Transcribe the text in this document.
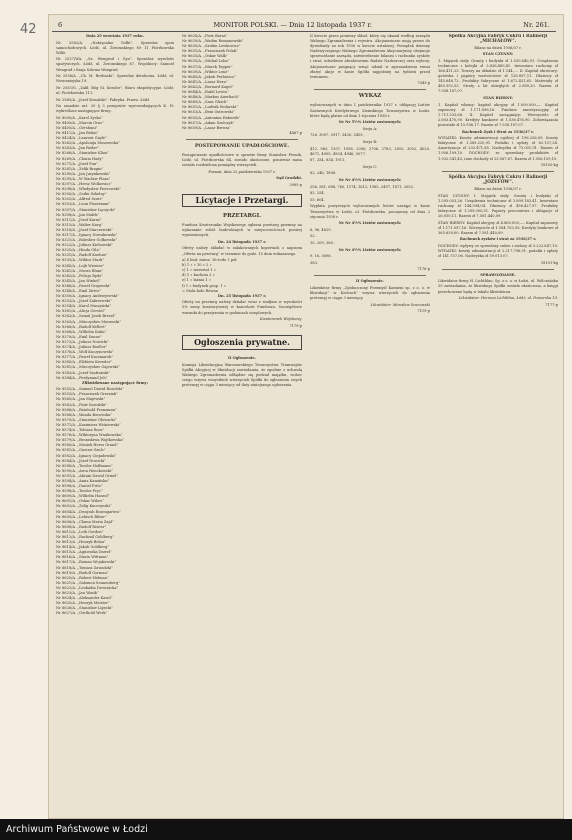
42	6	MONITOR POLSKI. — Dnia 12 listopada 1937 r.	Nr. 261.

Dnia 25 września 1937 roku.

Nr. 2582/A. „Nakręcalne Gołbi”. Sprzedaż opon samochodowych. Łódź, ul. Żeromskiego Nr 11 Piotrkowska Wille.

Nr 2527/WA. „Sz. Wengrud i Syn”. Sprzedaż wyrobów spożywczych. Łódź, ul. Żeromskiego 67. Wspólnicy: Samuel Wengrud i Szaja Szlema Wengrud.

Nr 2536/A. „Ch. M. Berlinski”. Sprzedaż detaliczna. Łódź, ul. Nowomiejska 19.

Nr 2553/G. „Zakł. Bóg Gi. Kessler”. Biuro ekspedycyjne. Łódź, ul. Piotrkowska 111.

Nr 2565/A. „Józef Kowalski”. Fabryka. Prawo. Łódź.

Na zasadzie art. 20 § 3 przepisów wprowadzających K. H. wykreślone następujące firmy:

Nr 8000/A. „Karol Zyska”
Nr 8400/A. „Marcin Gras”
Nr 8405/A. „Gershuni”
Nr 8411/A. „Jan Belim”
Nr 8424/A. „Laurent Gayle”
Nr 8262/A. „Apolonija Moszewska”
Nr 8263/A. „Jan Reder”
Nr 8266/A. „Stanisław Kliza”
Nr 8269/A. „Chaim Hady”
Nr 8271/A. „Józef Fux”
Nr 8281/A. „Zelik Bragin”
Nr 8290/A. „Jan Jurynkowski”
Nr 8295/A. „W Wacław Plaza”
Nr 8297/A. „Hersz Wolkowicz”
Nr 8298/A. „Władysław Piotrowski”
Nr 8300/A. „Sedin Szkolny”
Nr 8302/A. „Alfred Szutr”
Nr 8303/A. „Leon Fiszerman”
Nr 8307/A. „Stanisław Łęczycki”
Nr 8308/A. „Jan Małek”
Nr 8311/A. „Józef Karaś”
Nr 8315/A. „Walter Karg”
Nr 8316/A. „Józef Marczewski”
Nr 8317/A. „Ignacy Nowakowski”
Nr 8321/A. „Bolesław Gołkowski”
Nr 8322/A. „Juliusz Kiebowski”
Nr 8325/A. „Hinda Gila”
Nr 8331/A. „Rudolf Kuehne”
Nr 8335/A. „Wiktor Stark”
Nr 8340/A. „Lejb Wienter”
Nr 8341/A. „Moses Blum”
Nr 8342/A. „Felicja Rydz”
Nr 8345/A. „Jan Winkel”
Nr 8346/A. „Paweł Grajewski”
Nr 8348/A. „Emil Zirter”
Nr 8350/A. „Ignacy Andrzejewski”
Nr 8353/A. „Józef Zakrzewski”
Nr 8354/A. „Karol Muszyński”
Nr 8361/A. „Alicja Gerstel”
Nr 8362/A. „Szmul Josek Bresel”
Nr 8363/A. „Mieczysław Morawski”
Nr 8366/A. „Rudolf Kellert”
Nr 8368/A. „Wilhelm Kuhn”
Nr 8370/A. „Emil Senne”
Nr 8372/A. „Juliusz Nowicki”
Nr 8374/A. „Juliusz Boeller”
Nr 8376/A. „Wolf Kuczynowski”
Nr 8377/A. „Paweł Kaczmarek”
Nr 8380/A. „Elżbieta Kressler”
Nr 8381/A. „Mieczysław Gajewski”
Nr 8382/A. „Jozef Szafranski”
Nr 8384/A. „Ferdynand Jeh”

Zlikwidowane następujące firmy:

Nr 8551/A. „Samuel Dawid Rozolski”
Nr 8553/A. „Franciszek Grzesiak”
Nr 8560/A. „Jan Majewski”
Nr 8562/A. „Piotr Kowalski”
Nr 8566/A. „Reinhold Franzman”
Nr 8568/A. „Wanda Borowska”
Nr 8570/A. „Stanisław Głowacki”
Nr 8571/A. „Kazimierz Wiśniewski”
Nr 8574/A. „Tobiasz Russ”
Nr 8576/A. „Wiktoryna Wnukowska”
Nr 8579/A. „Bronisława Wojtkowska”
Nr 8580/A. „Mosiek Hersz Grand”
Nr 8581/A. „Gustaw Szulc”
Nr 8582/A. „Ignacy Ciepałowski”
Nr 8584/A. „Józef Nowicki”
Nr 8588/A. „Teodor Hoffmann”
Nr 8590/A. „Aron Henckowski”
Nr 8591/A. „Abram Dawid Grinel”
Nr 8594/A. „Anna Kamińska”
Nr 8596/A. „Daniel Fritz”
Nr 8598/A. „Teodor Fryc”
Nr 8600/A. „Wilhelm Hansel”
Nr 8601/A. „Oskar Wilow”
Nr 8602/A. „Zelig Kucerynski”
Nr 8604/A. „Dwojrah Rosengarten”
Nr 8605/A. „Lebisch Bilser”
Nr 8606/A. „Chana Maria Zajd”
Nr 8608/A. „Rudolf Reuter”
Nr 8611/A. „Leib Gordon”
Nr 8612/A. „Rachmil Goldberg”
Nr 8613/A. „Henryk Belau”
Nr 8614/A. „Jakob Goldberg”
Nr 8615/A. „Agnieszka Dawel”
Nr 8616/A. „Maria Wittman”
Nr 8617/A. „Roman Wojakowski”
Nr 8618/A. „Tomasz Zawadzki”
Nr 8619/A. „Rudolf Gorman”
Nr 8620/A. „Robert Helman”
Nr 8621/A. „Salomon Sonnenberg”
Nr 8622/A. „Leokadia Dwornicka”
Nr 8623/A. „Jan Wasik”
Nr 8624/A. „Aleksander Kasel”
Nr 8625/A. „Henryk Meister”
Nr 8626/A. „Stanisław Lipecki”
Nr 8627/A. „Gotthold Werk”
Nr 8628/A. „Piotr Baraś”
Nr 8629/A. „Wadim Romanowski”
Nr 8630/A. „Szulim Lewkowicz”
Nr 8631/A. „Franciszek Polak”
Nr 8633/A. „Oskar Walk”
Nr 8635/A. „Michał Loba”
Nr 8637/A. „Marek Tepper”
Nr 8639/A. „Wiktor Lenz”
Nr 8640/A. „Jakob Perlowicz”
Nr 8641/A. „Lazar Hern”
Nr 8642/A. „Bernard Kugel”
Nr 8644/A. „Rafal Lewin”
Nr 8646/A. „Markus Auerbach”
Nr 8649/A. „Sara Gleich”
Nr 8651/A. „Ludwik Stolarski”
Nr 8653/A. „Beni Ostrowski”
Nr 8655/A. „Antonina Haberek”
Nr 8657/A. „Adam Szulczyk”
Nr 8659/A. „Lazar Bereza”

4467-p

POSTEPOWANIE UPADŁOŚCIOWE.

Postępowanie upadłościowe w sprawie firmy Stanisław Piwnik, Łódź, ul. Piotrkowska 64, zostało ukończone, ponieważ masa została rozdzielona pomiędzy wierzycieli.

Poznań, dnia 22 października 1937 r.

Sąd Grodzki.

3985-p

Licytacje i Przetargi.

PRZETARGI.

Fundusz Kwaterunku Wojskowego ogłasza przetarg pisemny na wykonanie robót budowlanych w miejscowościach poniżej wymienionych.

Dn. 24 listopada 1937 r.

Oferty należy składać w zalakowanych kopertach z napisem „Oferta na przetarg” w terminie do godz. 10 dnia wskazanego.

a) 4 bud. miesz. 16-rodz. I poł.
b) 1 » » 10 » 2 »
c) 1 » warsztat 1 »
d) 1 » kuchnia 2 »
e) 1 » łaźnia 1 »
f) 1 » budynek gosp. 1 »
= Stoki koło Równa

Dn. 25 listopada 1937 r.

Oferty na przetarg należy składać wraz z wadjum w wysokości 5% sumy kosztorysowej w kancelarii Funduszu. Szczegółowe warunki do przejrzenia w godzinach urzędowych.

Kwaterunek Wojskowy.

7179-p

Ogłoszenia prywatne.

II Ogłoszenie.

Komisja Likwidacyjna Warszawskiego Towarzystwa Tramwajów Spółki Akcyjnej w likwidacji zawiadamia, że zgodnie z uchwałą Walnego Zgromadzenia odbędzie się podział majątku, wobec czego wzywa wszystkich wierzycieli Spółki do zgłoszenia swych pretensyj w ciągu 3 miesięcy od daty niniejszego ogłoszenia.

II kwocie przez poniższy skład, który się ukazał według zarządu Walnego Zgromadzenia i rejestru. Akcjonariusze mają prawo do dywidendy za rok 1936 w kwocie ustalonej. Porządek dzienny Nadzwyczajnego Walnego Zgromadzenia Akcjonarjuszy obejmuje sprawozdanie zarządu, zatwierdzenie bilansu i rachunku zysków i strat, udzielenie absolutorium Radzie Nadzorczej oraz wybory. Akcjonariusze pragnący wziąć udział w zgromadzeniu winni złożyć akcje w kasie Spółki najpóźniej na tydzień przed terminem.

7043-p

WYKAZ

wylosowanych w dniu 1 października 1937 r. obligacyj Listów Zastawnych Kredytowego Ziemskiego Towarzystwa w Łodzi, które będą płatne od dnia 1 stycznia 1938 r.

Nr Nr 5½% Listów zastawnych:

Serja A:

726, 3007, 3917, 3430, 3455.

Serja B:

412, 965, 1397, 1958, 2396, 2706, 2783, 2810, 3052, 4020, 4671, 4905, 4934, 4946, 5077.

87, 254, 834, 1911.

Serja C:

82, 246, 1808.

Nr Nr 4½% Listów zastawnych:

256, 581, 688, 760, 1174, 1612, 1985, 2497, 1871, 2052.

82, 254.

55, 604.

Wypłata powyższych wylosowanych listów nastąpi w kasie Towarzystwa w Łodzi, ul. Piotrkowska, począwszy od dnia 2 stycznia 1938 r.

Nr Nr 4½% Listów zastawnych:

6, 96, 4629.

52.

10, 209, 380.

Nr Nr 4½% Listów zastawnych:

9, 16, 3698.

383.

7176-p

II Ogłoszenie.

Likwidator firmy „Zjednoczony Przemysł Kamieni sp. z o. o. w likwidacji” w Kielcach” wzywa wierzycieli do zgłoszenia pretensyj w ciągu 3 miesięcy.

Likwidator: Mirosław Sosnowski

7119-p

Spółka Akcyjna Fabryk Cukru i Rafinerji „MICHAŁÓW”.

Bilans na dzień 1936/37 r.

STAN CZYNNY:

1. Majątek stały. Grunty i budynki zł 1.030.640,91. Urządzenia techniczne i kolejki zł 3.836.489,41. Inwentarz ruchomy zł 166.411,23. Towary na składzie zł 1.144,.... II. Kapitał obrotowy: gotówka i papiery wartościowe zł 128.897,11. Dłużnicy zł 145.648,72. Produkty fabryczne zł 1.672.431,65. Materiały zł 485.592,53. Straty z lat ubiegłych zł 2.589,20. Razem zł 7.938.187,07.

STAN BIERNY:

1. Kapitał własny: kapitał akcyjny zł 1.000.000,—. Kapitał zapasowy zł 1.171.096,16. Fundusz amortyzacyjny zł 1.711.533,68. II. Kapitał zaciągnięty: Wierzyciele zł 2.603.470,90. Kredyty bankowe zł 1.036.476,90. Zobowiązania pozostałe zł 15.936,17. Razem zł 7.938.187,07.

Rachunek Zysk i Strat za 1936/37 r.

WYDATKI: Koszty administracji ogólnej zł 196.256,09. Koszty fabryczne zł 1.389.220,91. Podatki i opłaty zł 62.157,34. Amortyzacja zł 233.471,85. Nadwyżka zł 73.001,91. Razem zł 1.956.109,10. DOCHODY: ze sprzedaży produktów zł 1.932.541,43, inne dochody zł 23.567,67. Razem zł 1.956.109,10.

18103-kg

Spółka Akcyjna Fabryk Cukru i Rafinerji „JÓZEFÓW”.

Bilans na dzień 1936/37 r.

STAN CZYNNY: I. Majątek stały. Grunty i budynki zł 1.593.053,26. Urządzenia techniczne zł 3.899.183,41. Inwentarz ruchomy zł 144.994,04. Dłużnicy zł 496.427,97. Produkty fabryczne zł 1.299.000,51. Papiery procentowe i obligacje zł 26.050,11. Razem zł 7.581.440,09.

STAN BIERNY: Kapitał akcyjny zł 4.860.000,—. Kapitał zapasowy zł 1.171.097,16. Wierzyciele zł 1.184.703,93. Kredyty bankowe zł 365.639,00. Razem zł 7.581.440,09.

Rachunek zysków i strat za 1936/37 r.

DOCHODY: wpływy ze sprzedaży cukru i melasy zł 3.222.847,10. WYDATKI: koszty administracji zł 2.217.796,91, podatki i opłaty zł 141.757,06. Nadwyżka zł 59.013,07.

18101-kg

SPRAWOZDANIE.

Likwidator firmy H. Lichtblau, Sp. z o. o. w Łodzi, ul. Wólczańska 59 zawiadamia, że likwidacja Spółki została ukończona, a księgi przechowane będą w lokalu likwidatora.

Likwidator: Herman Lichtblau, Łódź, ul. Pomorska 19.

7177-p

Archiwum Państwowe w Łodzi
